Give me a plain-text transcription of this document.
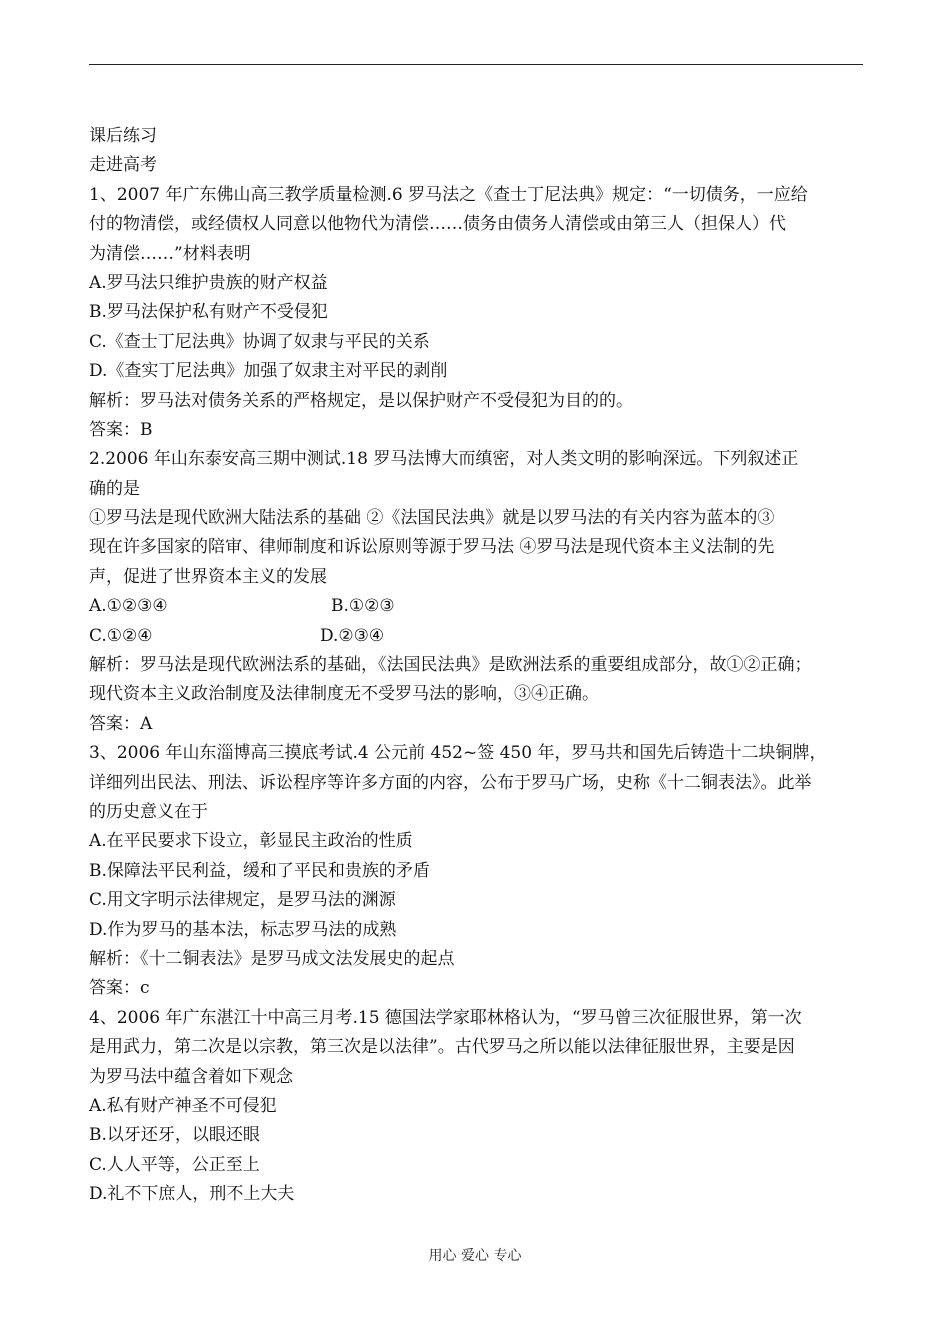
课后练习
走进高考
1、2007 年广东佛山高三教学质量检测.6 罗马法之《查士丁尼法典》规定：“一切债务，一应给
付的物清偿，或经债权人同意以他物代为清偿……债务由债务人清偿或由第三人（担保人）代
为清偿……”材料表明
A.罗马法只维护贵族的财产权益
B.罗马法保护私有财产不受侵犯
C.《查士丁尼法典》协调了奴隶与平民的关系
D.《查实丁尼法典》加强了奴隶主对平民的剥削
解析：罗马法对债务关系的严格规定，是以保护财产不受侵犯为目的的。
答案：B
2.2006 年山东泰安高三期中测试.18 罗马法博大而缜密，对人类文明的影响深远。下列叙述正
确的是
①罗马法是现代欧洲大陆法系的基础 ②《法国民法典》就是以罗马法的有关内容为蓝本的③
现在许多国家的陪审、律师制度和诉讼原则等源于罗马法 ④罗马法是现代资本主义法制的先
声，促进了世界资本主义的发展
A.①②③④	B.①②③
C.①②④	D.②③④
解析：罗马法是现代欧洲法系的基础，《法国民法典》是欧洲法系的重要组成部分，故①②正确；
现代资本主义政治制度及法律制度无不受罗马法的影响，③④正确。
答案：A
3、2006 年山东淄博高三摸底考试.4 公元前 452~签 450 年，罗马共和国先后铸造十二块铜牌，
详细列出民法、刑法、诉讼程序等许多方面的内容，公布于罗马广场，史称《十二铜表法》。此举
的历史意义在于
A.在平民要求下设立，彰显民主政治的性质
B.保障法平民利益，缓和了平民和贵族的矛盾
C.用文字明示法律规定，是罗马法的渊源
D.作为罗马的基本法，标志罗马法的成熟
解析：《十二铜表法》是罗马成文法发展史的起点
答案：c
4、2006 年广东湛江十中高三月考.15 德国法学家耶林格认为，“罗马曾三次征服世界，第一次
是用武力，第二次是以宗教，第三次是以法律”。古代罗马之所以能以法律征服世界，主要是因
为罗马法中蕴含着如下观念
A.私有财产神圣不可侵犯
B.以牙还牙，以眼还眼
C.人人平等，公正至上
D.礼不下庶人，刑不上大夫
用心 爱心 专心
